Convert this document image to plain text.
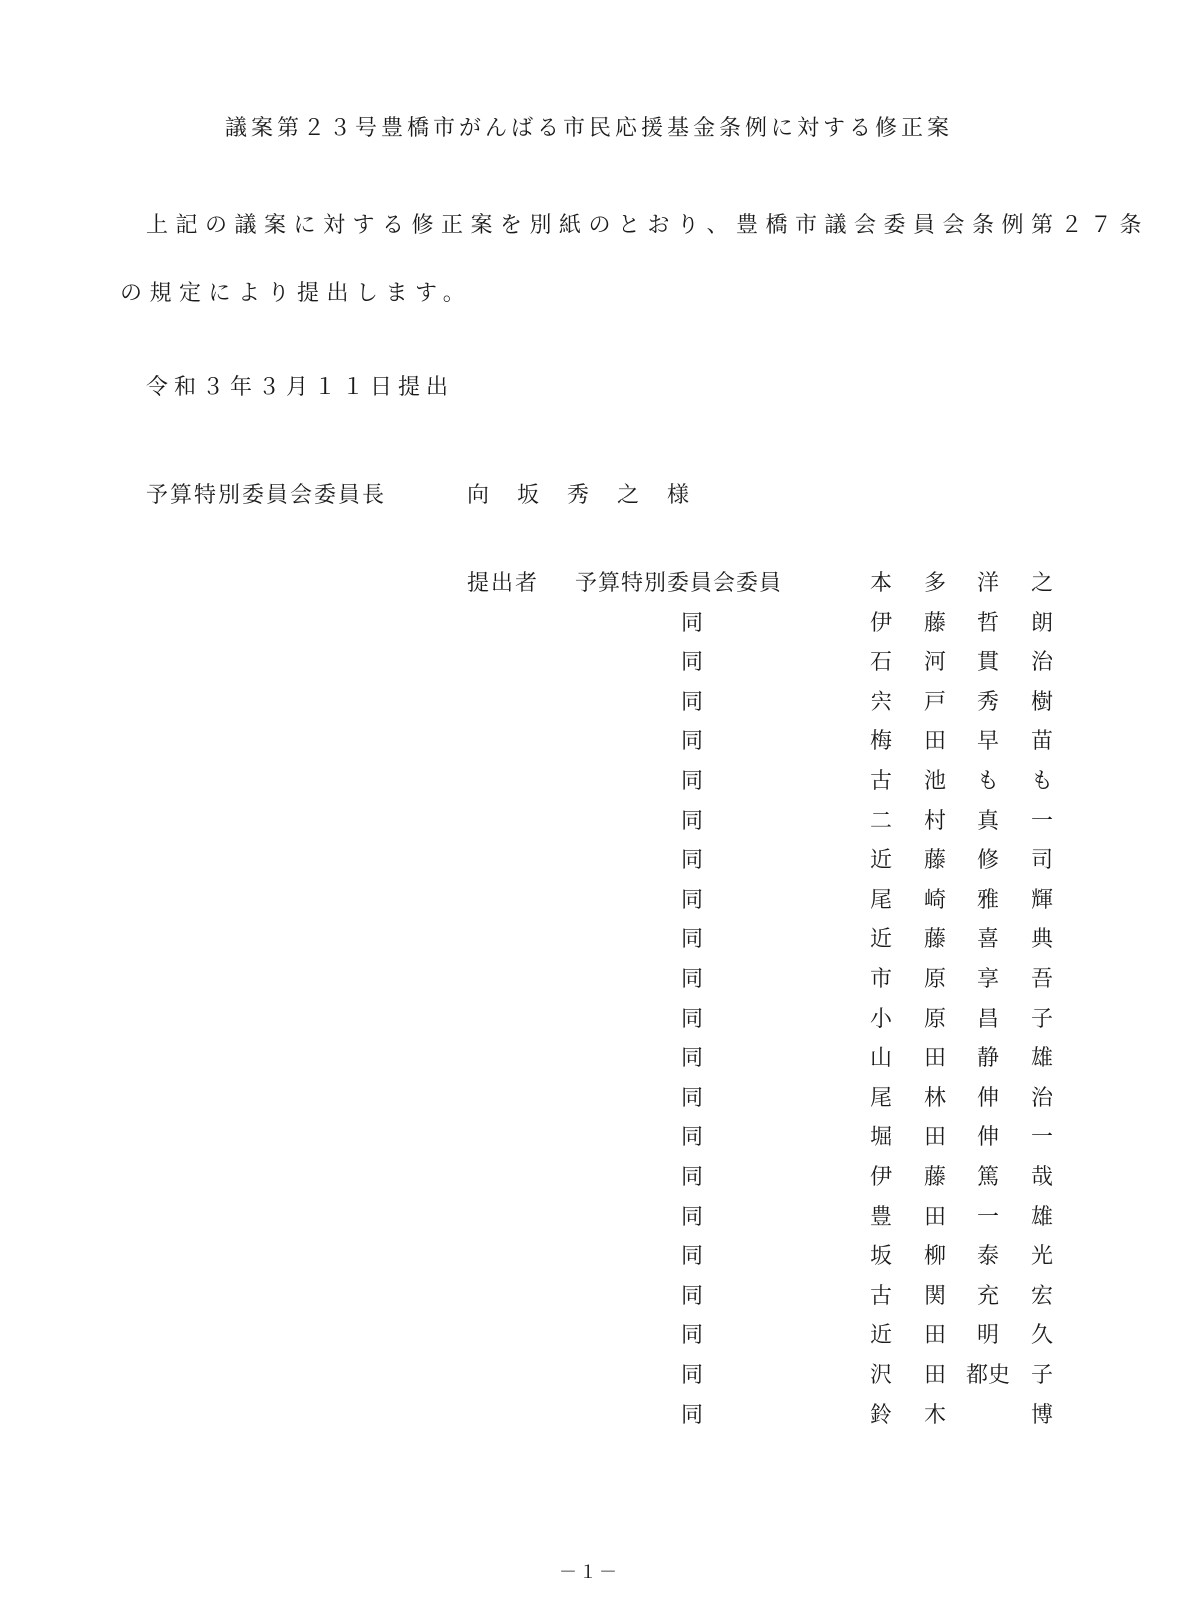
議案第２３号豊橋市がんばる市民応援基金条例に対する修正案
上記の議案に対する修正案を別紙のとおり、豊橋市議会委員会条例第２７条
の規定により提出します。
令和３年３月１１日提出
予算特別委員会委員長	向坂秀之様
提出者 予算特別委員会委員	本 多 洋 之
同	伊 藤 哲 朗
同	石 河 貫 治
同	宍 戸 秀 樹
同	梅 田 早 苗
同	古 池 も も
同	二 村 真 一
同	近 藤 修 司
同	尾 崎 雅 輝
同	近 藤 喜 典
同	市 原 享 吾
同	小 原 昌 子
同	山 田 静 雄
同	尾 林 伸 治
同	堀 田 伸 一
同	伊 藤 篤 哉
同	豊 田 一 雄
同	坂 柳 泰 光
同	古 関 充 宏
同	近 田 明 久
同	沢 田 都史 子
同	鈴 木	博
－１－
